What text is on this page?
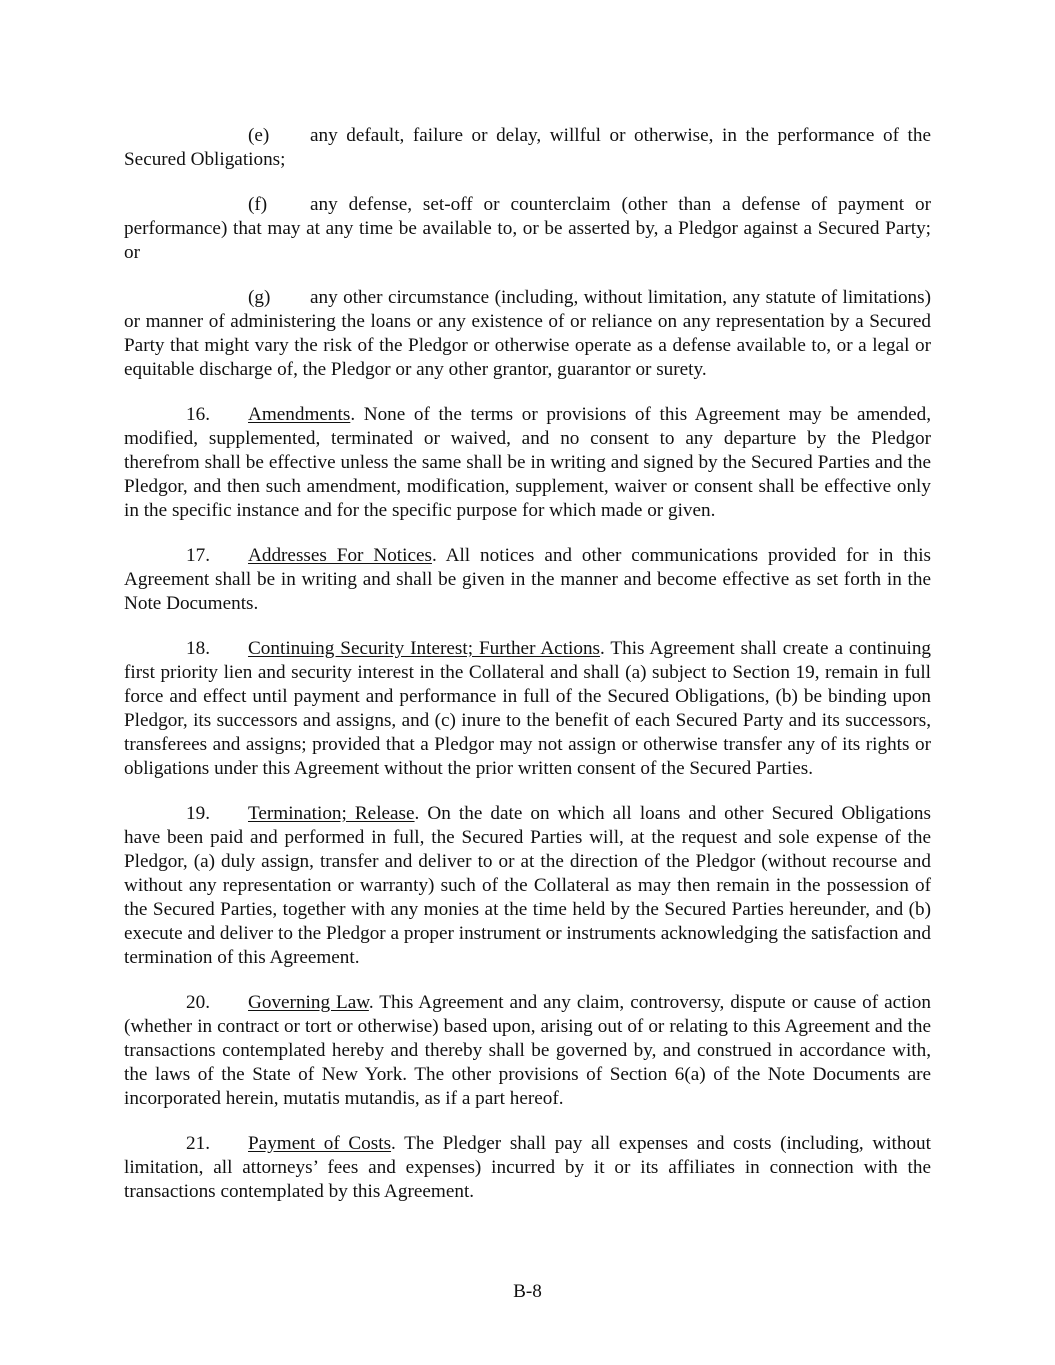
(e) any default, failure or delay, willful or otherwise, in the performance of the Secured Obligations;

(f) any defense, set-off or counterclaim (other than a defense of payment or performance) that may at any time be available to, or be asserted by, a Pledgor against a Secured Party; or

(g) any other circumstance (including, without limitation, any statute of limitations) or manner of administering the loans or any existence of or reliance on any representation by a Secured Party that might vary the risk of the Pledgor or otherwise operate as a defense available to, or a legal or equitable discharge of, the Pledgor or any other grantor, guarantor or surety.

16. Amendments. None of the terms or provisions of this Agreement may be amended, modified, supplemented, terminated or waived, and no consent to any departure by the Pledgor therefrom shall be effective unless the same shall be in writing and signed by the Secured Parties and the Pledgor, and then such amendment, modification, supplement, waiver or consent shall be effective only in the specific instance and for the specific purpose for which made or given.

17. Addresses For Notices. All notices and other communications provided for in this Agreement shall be in writing and shall be given in the manner and become effective as set forth in the Note Documents.

18. Continuing Security Interest; Further Actions. This Agreement shall create a continuing first priority lien and security interest in the Collateral and shall (a) subject to Section 19, remain in full force and effect until payment and performance in full of the Secured Obligations, (b) be binding upon Pledgor, its successors and assigns, and (c) inure to the benefit of each Secured Party and its successors, transferees and assigns; provided that a Pledgor may not assign or otherwise transfer any of its rights or obligations under this Agreement without the prior written consent of the Secured Parties.

19. Termination; Release. On the date on which all loans and other Secured Obligations have been paid and performed in full, the Secured Parties will, at the request and sole expense of the Pledgor, (a) duly assign, transfer and deliver to or at the direction of the Pledgor (without recourse and without any representation or warranty) such of the Collateral as may then remain in the possession of the Secured Parties, together with any monies at the time held by the Secured Parties hereunder, and (b) execute and deliver to the Pledgor a proper instrument or instruments acknowledging the satisfaction and termination of this Agreement.

20. Governing Law. This Agreement and any claim, controversy, dispute or cause of action (whether in contract or tort or otherwise) based upon, arising out of or relating to this Agreement and the transactions contemplated hereby and thereby shall be governed by, and construed in accordance with, the laws of the State of New York. The other provisions of Section 6(a) of the Note Documents are incorporated herein, mutatis mutandis, as if a part hereof.

21. Payment of Costs. The Pledger shall pay all expenses and costs (including, without limitation, all attorneys’ fees and expenses) incurred by it or its affiliates in connection with the transactions contemplated by this Agreement.

B-8
